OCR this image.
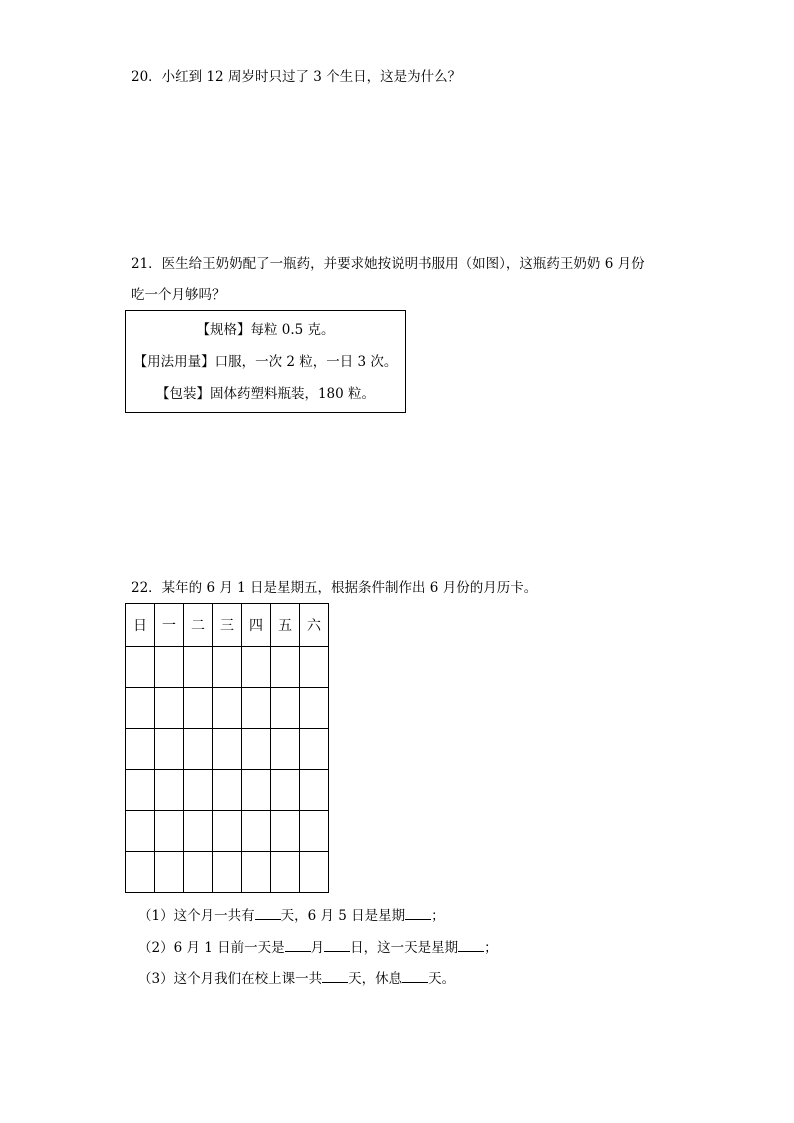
20．小红到 12 周岁时只过了 3 个生日，这是为什么？
21．医生给王奶奶配了一瓶药，并要求她按说明书服用（如图），这瓶药王奶奶 6 月份
吃一个月够吗？
【规格】每粒 0.5 克。
【用法用量】口服，一次 2 粒，一日 3 次。
【包装】固体药塑料瓶装，180 粒。
22．某年的 6 月 1 日是星期五，根据条件制作出 6 月份的月历卡。
日	一	二	三	四	五	六

（1）这个月一共有 天，6 月 5 日是星期 ；
（2）6 月 1 日前一天是 月 日，这一天是星期 ；
（3）这个月我们在校上课一共 天，休息 天。
